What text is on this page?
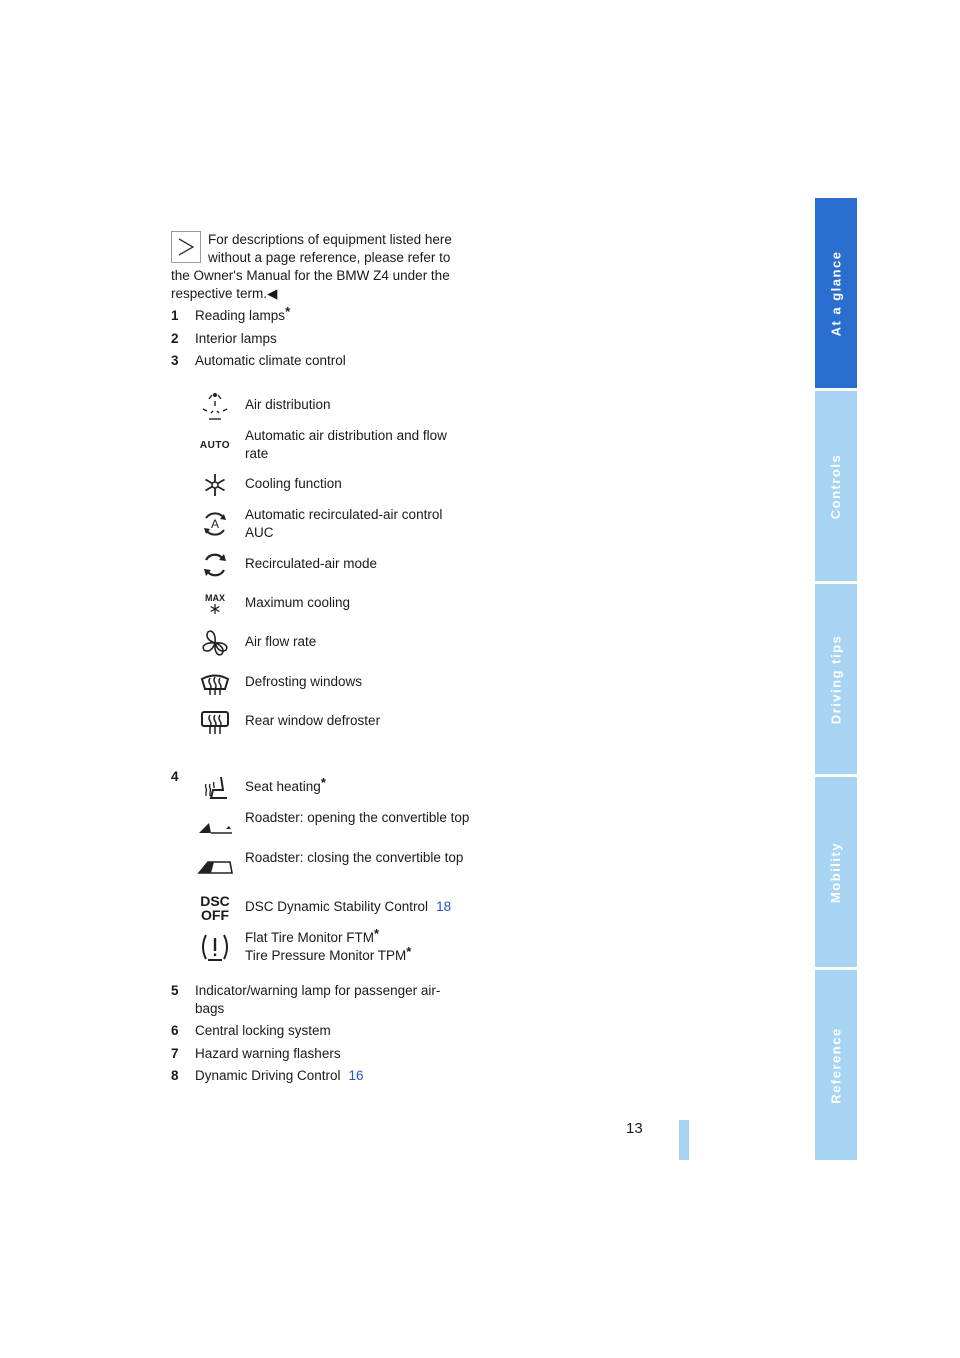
At a glance
Controls
Driving tips
Mobility
Reference
For descriptions of equipment listed here
without a page reference, please refer to
the Owner's Manual for the BMW Z4 under the respective term.◀
1 Reading lamps*
2 Interior lamps
3 Automatic climate control
Air distribution
AUTO
Automatic air distribution and flow rate
Cooling function
A
Automatic recirculated-air control AUC
Recirculated-air mode
MAX Maximum cooling
Air flow rate
Defrosting windows
Rear window defroster
4
Seat heating*
Roadster: opening the convertible top
Roadster: closing the convertible top
DSC
OFF
DSC Dynamic Stability Control 18
Flat Tire Monitor FTM*
Tire Pressure Monitor TPM*
5 Indicator/warning lamp for passenger air-bags
6 Central locking system
7 Hazard warning flashers
8 Dynamic Driving Control 16
13
